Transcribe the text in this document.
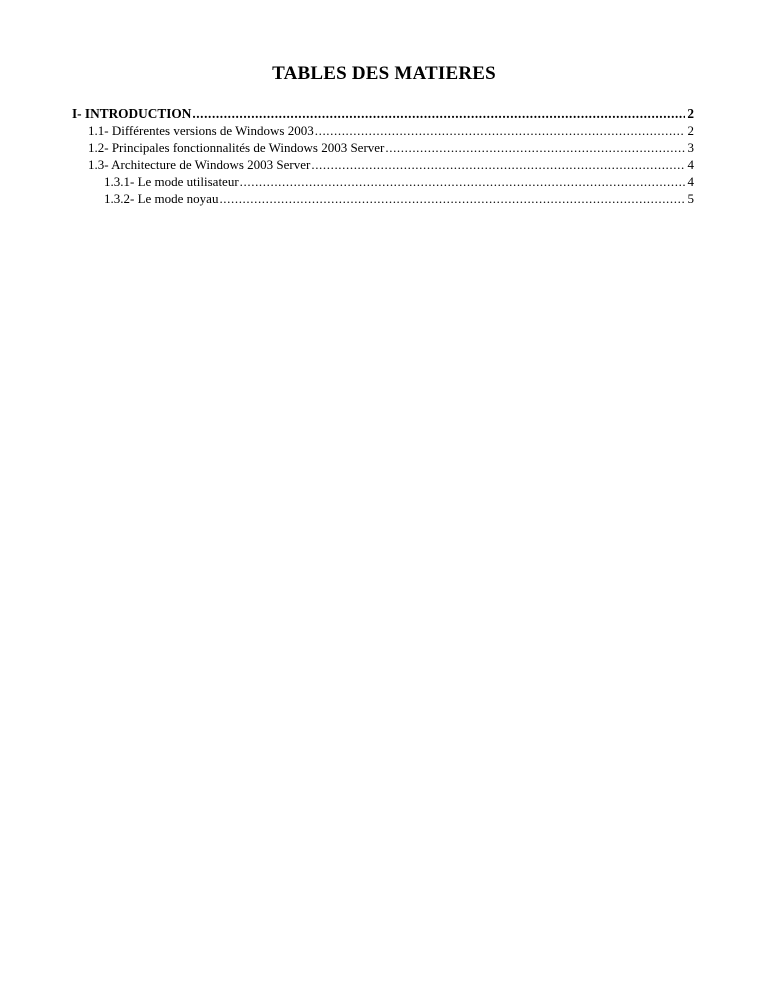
TABLES DES MATIERES
I- INTRODUCTION .....	2
1.1- Différentes versions de Windows 2003 .....	2
1.2- Principales fonctionnalités de Windows 2003 Server .....	3
1.3- Architecture de Windows 2003 Server .....	4
1.3.1- Le mode utilisateur .....	4
1.3.2- Le mode noyau .....	5
